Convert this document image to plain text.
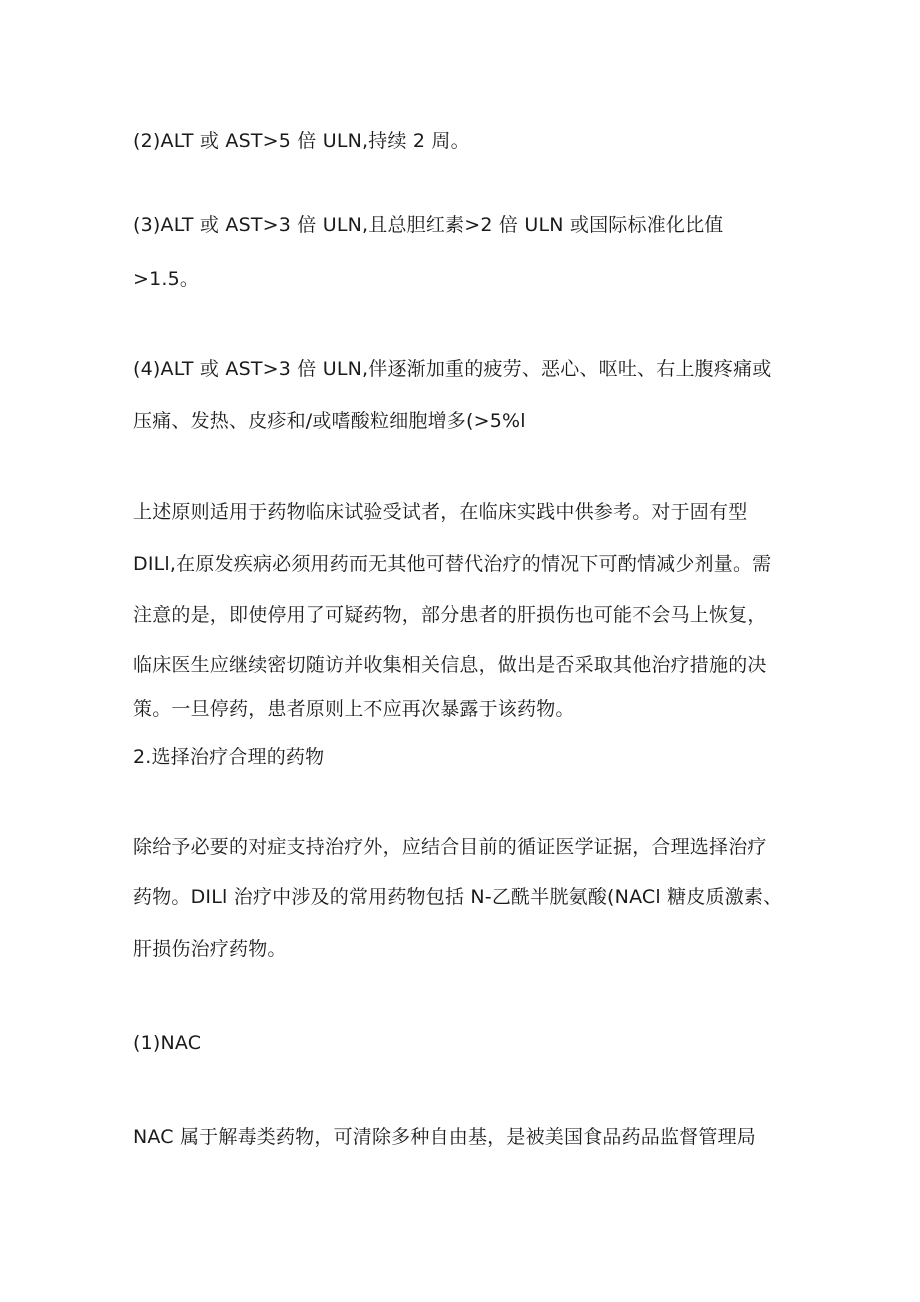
(2)ALT 或 AST>5 倍 ULN,持续 2 周。

(3)ALT 或 AST>3 倍 ULN,且总胆红素>2 倍 ULN 或国际标准化比值

>1.5。

(4)ALT 或 AST>3 倍 ULN,伴逐渐加重的疲劳、恶心、呕吐、右上腹疼痛或

压痛、发热、皮疹和/或嗜酸粒细胞增多(>5%l

上述原则适用于药物临床试验受试者，在临床实践中供参考。对于固有型

DILl,在原发疾病必须用药而无其他可替代治疗的情况下可酌情减少剂量。需

注意的是，即使停用了可疑药物，部分患者的肝损伤也可能不会马上恢复，

临床医生应继续密切随访并收集相关信息，做出是否采取其他治疗措施的决

策。一旦停药，患者原则上不应再次暴露于该药物。

2.选择治疗合理的药物

除给予必要的对症支持治疗外，应结合目前的循证医学证据，合理选择治疗

药物。DILl 治疗中涉及的常用药物包括 N-乙酰半胱氨酸(NACl 糖皮质激素、

肝损伤治疗药物。

(1)NAC

NAC 属于解毒类药物，可清除多种自由基，是被美国食品药品监督管理局
